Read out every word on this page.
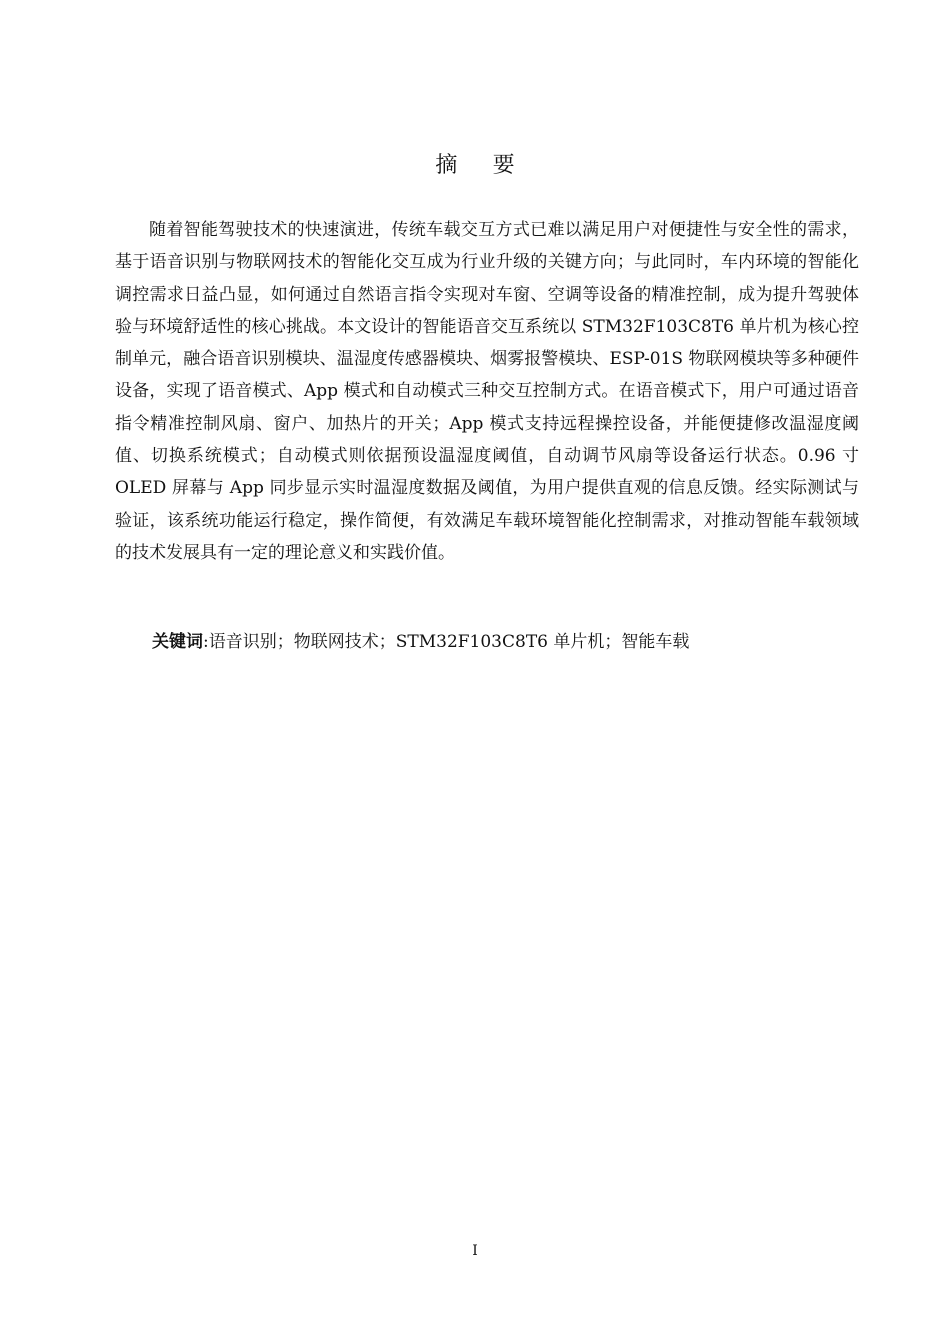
摘要

随着智能驾驶技术的快速演进，传统车载交互方式已难以满足用户对便捷性与安全性的需求，基于语音识别与物联网技术的智能化交互成为行业升级的关键方向；与此同时，车内环境的智能化调控需求日益凸显，如何通过自然语言指令实现对车窗、空调等设备的精准控制，成为提升驾驶体验与环境舒适性的核心挑战。本文设计的智能语音交互系统以 STM32F103C8T6 单片机为核心控制单元，融合语音识别模块、温湿度传感器模块、烟雾报警模块、ESP-01S 物联网模块等多种硬件设备，实现了语音模式、App 模式和自动模式三种交互控制方式。在语音模式下，用户可通过语音指令精准控制风扇、窗户、加热片的开关；App 模式支持远程操控设备，并能便捷修改温湿度阈值、切换系统模式；自动模式则依据预设温湿度阈值，自动调节风扇等设备运行状态。0.96 寸 OLED 屏幕与 App 同步显示实时温湿度数据及阈值，为用户提供直观的信息反馈。经实际测试与验证，该系统功能运行稳定，操作简便，有效满足车载环境智能化控制需求，对推动智能车载领域的技术发展具有一定的理论意义和实践价值。

关键词:语音识别；物联网技术；STM32F103C8T6 单片机；智能车载

I
